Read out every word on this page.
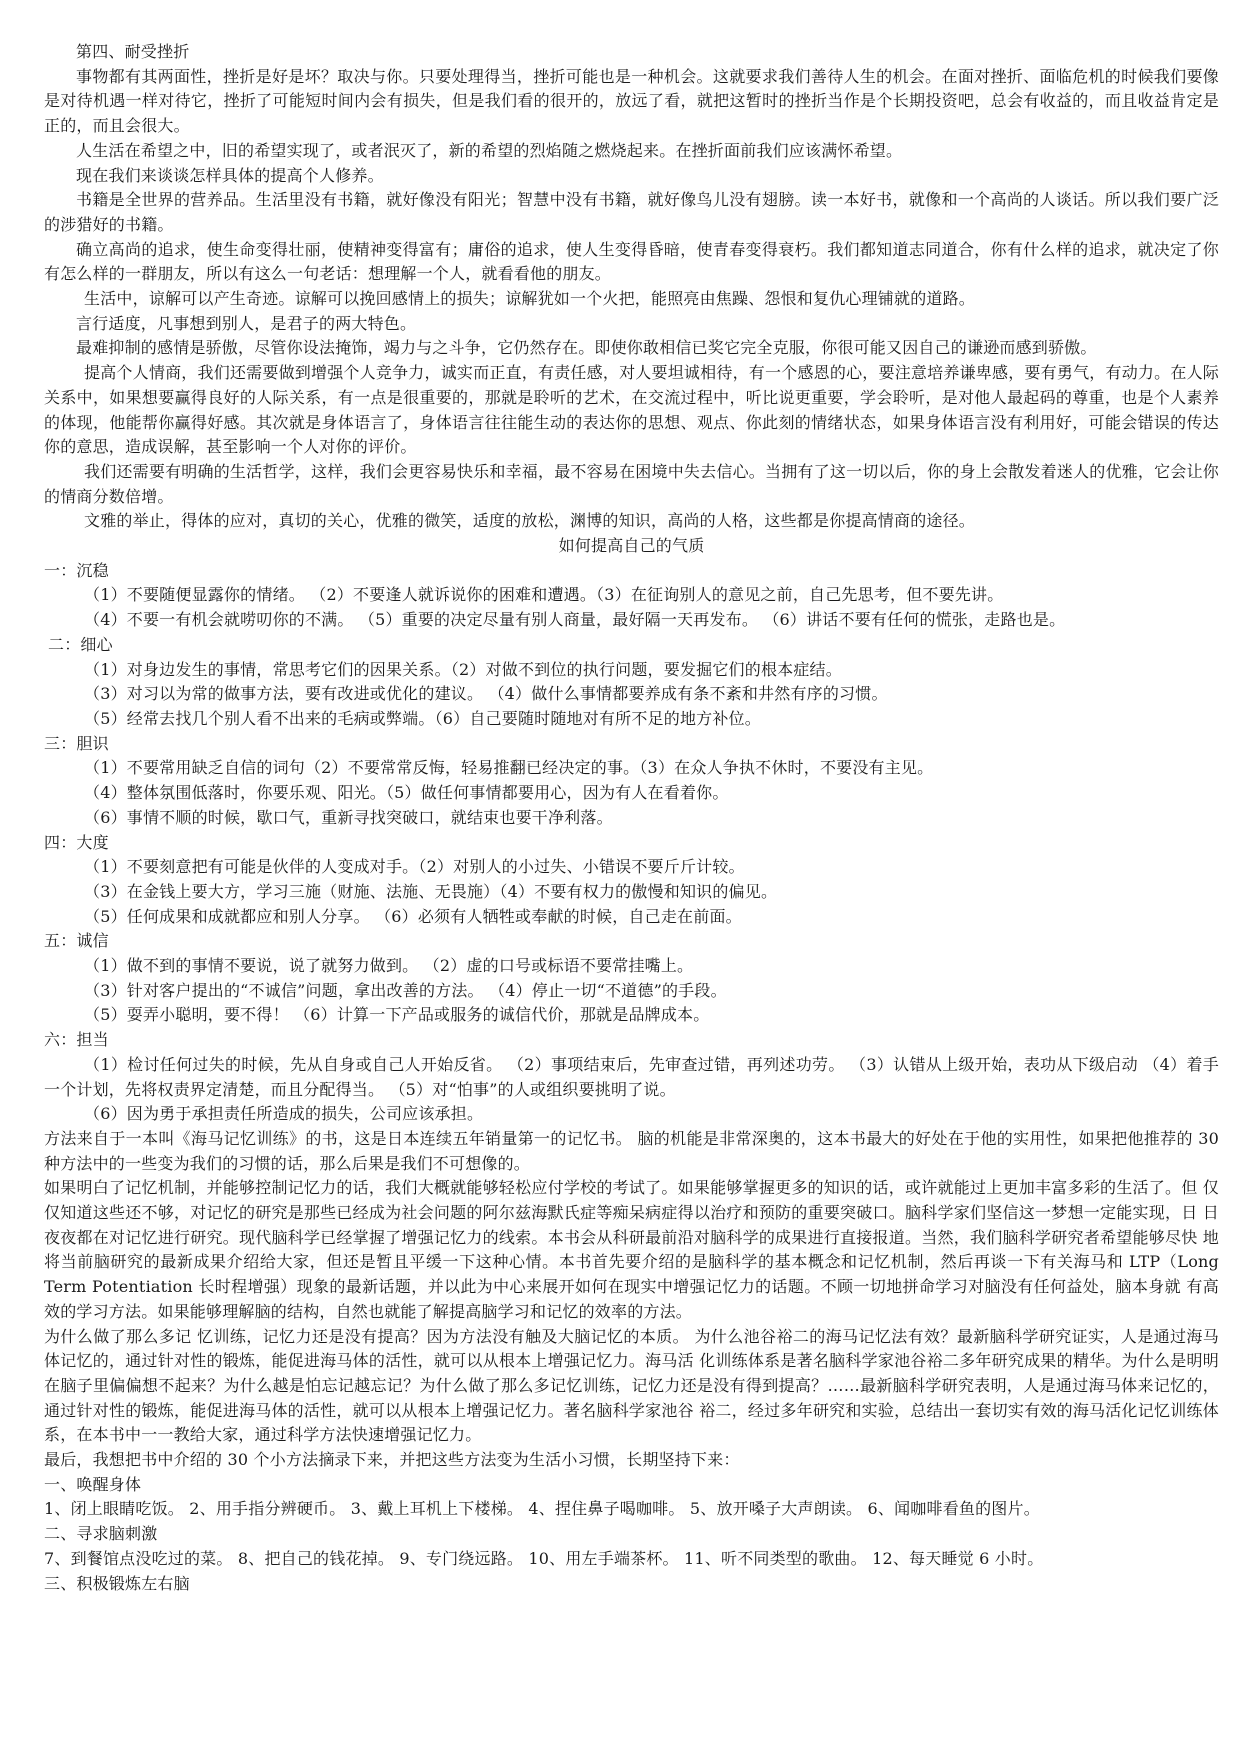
第四、耐受挫折

事物都有其两面性，挫折是好是坏？取决与你。只要处理得当，挫折可能也是一种机会。这就要求我们善待人生的机会。在面对挫折、面临危机的时候我们要像是对待机遇一样对待它，挫折了可能短时间内会有损失，但是我们看的很开的，放远了看，就把这暂时的挫折当作是个长期投资吧，总会有收益的，而且收益肯定是正的，而且会很大。

人生活在希望之中，旧的希望实现了，或者泯灭了，新的希望的烈焰随之燃烧起来。在挫折面前我们应该满怀希望。

现在我们来谈谈怎样具体的提高个人修养。

书籍是全世界的营养品。生活里没有书籍，就好像没有阳光；智慧中没有书籍，就好像鸟儿没有翅膀。读一本好书，就像和一个高尚的人谈话。所以我们要广泛的涉猎好的书籍。

确立高尚的追求，使生命变得壮丽，使精神变得富有；庸俗的追求，使人生变得昏暗，使青春变得衰朽。我们都知道志同道合，你有什么样的追求，就决定了你有怎么样的一群朋友，所以有这么一句老话：想理解一个人，就看看他的朋友。

生活中，谅解可以产生奇迹。谅解可以挽回感情上的损失；谅解犹如一个火把，能照亮由焦躁、怨恨和复仇心理铺就的道路。

言行适度，凡事想到别人，是君子的两大特色。

最难抑制的感情是骄傲，尽管你设法掩饰，竭力与之斗争，它仍然存在。即使你敢相信已奖它完全克服，你很可能又因自己的谦逊而感到骄傲。

提高个人情商，我们还需要做到增强个人竞争力，诚实而正直，有责任感，对人要坦诚相待，有一个感恩的心，要注意培养谦卑感，要有勇气，有动力。在人际关系中，如果想要赢得良好的人际关系，有一点是很重要的，那就是聆听的艺术，在交流过程中，听比说更重要，学会聆听，是对他人最起码的尊重，也是个人素养的体现，他能帮你赢得好感。其次就是身体语言了，身体语言往往能生动的表达你的思想、观点、你此刻的情绪状态，如果身体语言没有利用好，可能会错误的传达你的意思，造成误解，甚至影响一个人对你的评价。

我们还需要有明确的生活哲学，这样，我们会更容易快乐和幸福，最不容易在困境中失去信心。当拥有了这一切以后，你的身上会散发着迷人的优雅，它会让你的情商分数倍增。

文雅的举止，得体的应对，真切的关心，优雅的微笑，适度的放松，渊博的知识，高尚的人格，这些都是你提高情商的途径。

如何提高自己的气质

一：沉稳

（1）不要随便显露你的情绪。 （2）不要逢人就诉说你的困难和遭遇。（3）在征询别人的意见之前，自己先思考，但不要先讲。

（4）不要一有机会就唠叨你的不满。 （5）重要的决定尽量有别人商量，最好隔一天再发布。 （6）讲话不要有任何的慌张，走路也是。

二：细心

（1）对身边发生的事情，常思考它们的因果关系。（2）对做不到位的执行问题，要发掘它们的根本症结。

（3）对习以为常的做事方法，要有改进或优化的建议。 （4）做什么事情都要养成有条不紊和井然有序的习惯。

（5）经常去找几个别人看不出来的毛病或弊端。（6）自己要随时随地对有所不足的地方补位。

三：胆识

（1）不要常用缺乏自信的词句（2）不要常常反悔，轻易推翻已经决定的事。（3）在众人争执不休时，不要没有主见。

（4）整体氛围低落时，你要乐观、阳光。（5）做任何事情都要用心，因为有人在看着你。

（6）事情不顺的时候，歇口气，重新寻找突破口，就结束也要干净利落。

四：大度

（1）不要刻意把有可能是伙伴的人变成对手。（2）对别人的小过失、小错误不要斤斤计较。

（3）在金钱上要大方，学习三施（财施、法施、无畏施）（4）不要有权力的傲慢和知识的偏见。

（5）任何成果和成就都应和别人分享。 （6）必须有人牺牲或奉献的时候，自己走在前面。

五：诚信

（1）做不到的事情不要说，说了就努力做到。 （2）虚的口号或标语不要常挂嘴上。

（3）针对客户提出的“不诚信”问题，拿出改善的方法。 （4）停止一切“不道德”的手段。

（5）耍弄小聪明，要不得！ （6）计算一下产品或服务的诚信代价，那就是品牌成本。

六：担当

（1）检讨任何过失的时候，先从自身或自己人开始反省。 （2）事项结束后，先审查过错，再列述功劳。 （3）认错从上级开始，表功从下级启动 （4）着手一个计划，先将权责界定清楚，而且分配得当。 （5）对“怕事”的人或组织要挑明了说。

（6）因为勇于承担责任所造成的损失，公司应该承担。

方法来自于一本叫《海马记忆训练》的书，这是日本连续五年销量第一的记忆书。 脑的机能是非常深奥的，这本书最大的好处在于他的实用性，如果把他推荐的 30 种方法中的一些变为我们的习惯的话，那么后果是我们不可想像的。

如果明白了记忆机制，并能够控制记忆力的话，我们大概就能够轻松应付学校的考试了。如果能够掌握更多的知识的话，或许就能过上更加丰富多彩的生活了。但 仅仅知道这些还不够，对记忆的研究是那些已经成为社会问题的阿尔兹海默氏症等痴呆病症得以治疗和预防的重要突破口。脑科学家们坚信这一梦想一定能实现，日 日夜夜都在对记忆进行研究。现代脑科学已经掌握了增强记忆力的线索。本书会从科研最前沿对脑科学的成果进行直接报道。当然，我们脑科学研究者希望能够尽快 地将当前脑研究的最新成果介绍给大家，但还是暂且平缓一下这种心情。本书首先要介绍的是脑科学的基本概念和记忆机制，然后再谈一下有关海马和 LTP（Long Term Potentiation 长时程增强）现象的最新话题，并以此为中心来展开如何在现实中增强记忆力的话题。不顾一切地拼命学习对脑没有任何益处，脑本身就 有高效的学习方法。如果能够理解脑的结构，自然也就能了解提高脑学习和记忆的效率的方法。

为什么做了那么多记 忆训练，记忆力还是没有提高？因为方法没有触及大脑记忆的本质。 为什么池谷裕二的海马记忆法有效？最新脑科学研究证实，人是通过海马体记忆的，通过针对性的锻炼，能促进海马体的活性，就可以从根本上增强记忆力。海马活 化训练体系是著名脑科学家池谷裕二多年研究成果的精华。为什么是明明在脑子里偏偏想不起来？为什么越是怕忘记越忘记？为什么做了那么多记忆训练，记忆力还是没有得到提高？……最新脑科学研究表明，人是通过海马体来记忆的，通过针对性的锻炼，能促进海马体的活性，就可以从根本上增强记忆力。著名脑科学家池谷 裕二，经过多年研究和实验，总结出一套切实有效的海马活化记忆训练体系，在本书中一一教给大家，通过科学方法快速增强记忆力。

最后，我想把书中介绍的 30 个小方法摘录下来，并把这些方法变为生活小习惯，长期坚持下来：

一、唤醒身体

1、闭上眼睛吃饭。 2、用手指分辨硬币。 3、戴上耳机上下楼梯。 4、捏住鼻子喝咖啡。 5、放开嗓子大声朗读。 6、闻咖啡看鱼的图片。

二、寻求脑刺激

7、到餐馆点没吃过的菜。 8、把自己的钱花掉。 9、专门绕远路。 10、用左手端茶杯。 11、听不同类型的歌曲。 12、每天睡觉 6 小时。

三、积极锻炼左右脑
